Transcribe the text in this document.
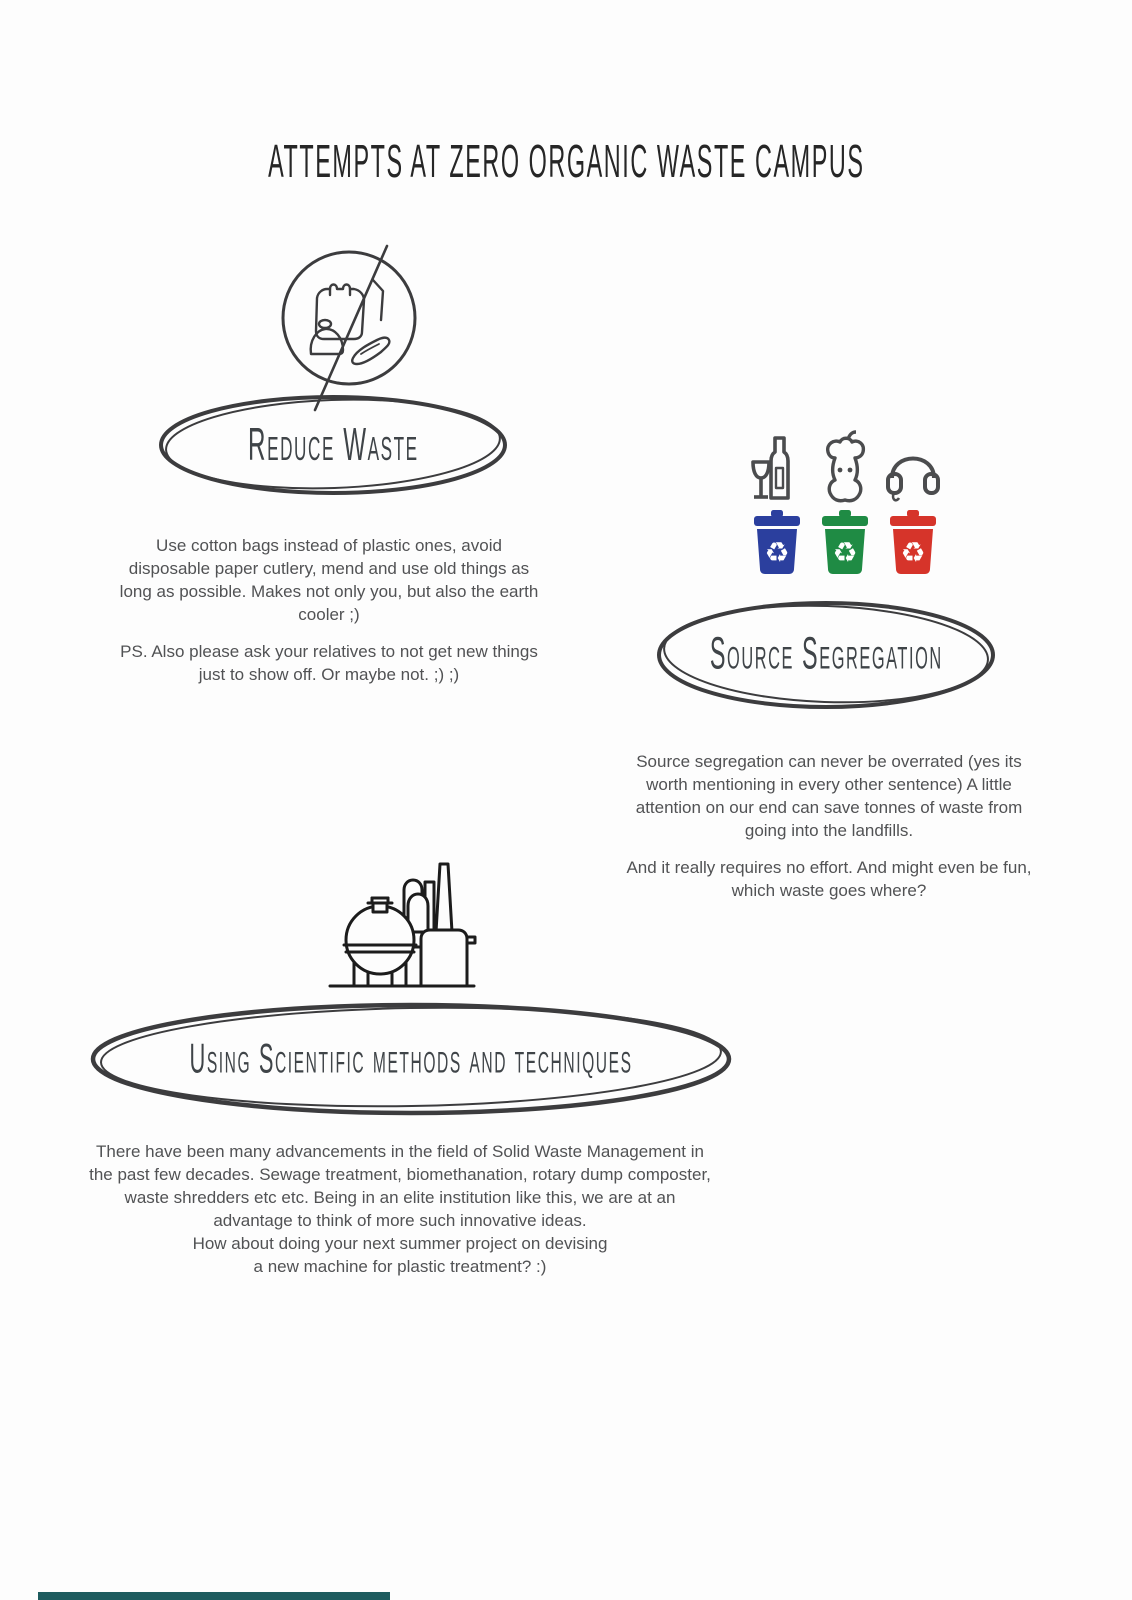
ATTEMPTS AT ZERO ORGANIC WASTE CAMPUS
Reduce Waste

Use cotton bags instead of plastic ones, avoid disposable paper cutlery, mend and use old things as long as possible. Makes not only you, but also the earth cooler ;)

PS. Also please ask your relatives to not get new things just to show off. Or maybe not. ;) ;)

♻ ♻ ♻
Source Segregation

Source segregation can never be overrated (yes its worth mentioning in every other sentence) A little attention on our end can save tonnes of waste from going into the landfills.

And it really requires no effort. And might even be fun, which waste goes where?

Using Scientific methods and techniques

There have been many advancements in the field of Solid Waste Management in the past few decades. Sewage treatment, biomethanation, rotary dump composter, waste shredders etc etc. Being in an elite institution like this, we are at an advantage to think of more such innovative ideas.

How about doing your next summer project on devising a new machine for plastic treatment? :)
